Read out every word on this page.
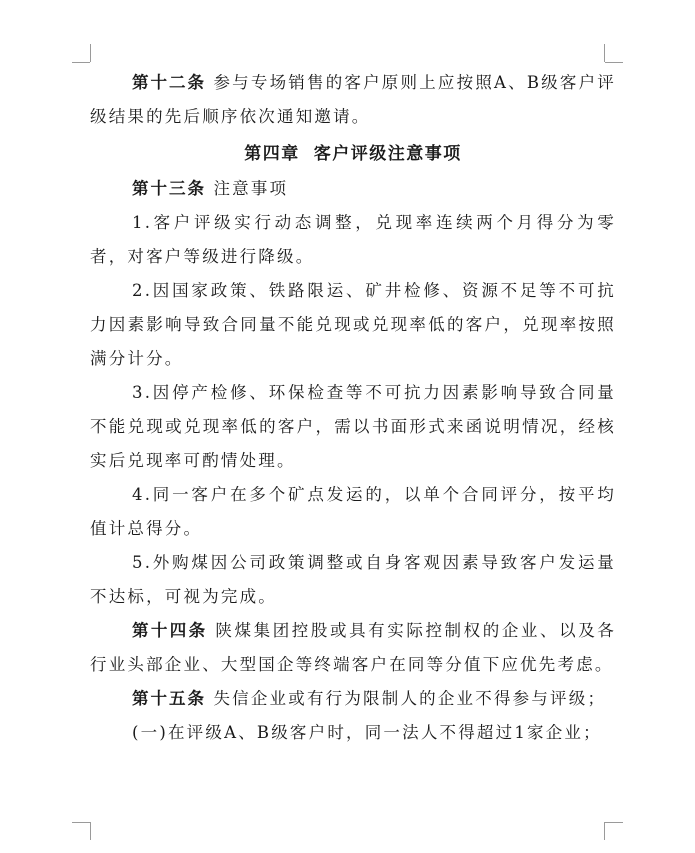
第十二条 参与专场销售的客户原则上应按照A、B级客户评级结果的先后顺序依次通知邀请。

第四章 客户评级注意事项

第十三条 注意事项

1.客户评级实行动态调整，兑现率连续两个月得分为零者，对客户等级进行降级。

2.因国家政策、铁路限运、矿井检修、资源不足等不可抗力因素影响导致合同量不能兑现或兑现率低的客户，兑现率按照满分计分。

3.因停产检修、环保检查等不可抗力因素影响导致合同量不能兑现或兑现率低的客户，需以书面形式来函说明情况，经核实后兑现率可酌情处理。

4.同一客户在多个矿点发运的，以单个合同评分，按平均值计总得分。

5.外购煤因公司政策调整或自身客观因素导致客户发运量不达标，可视为完成。

第十四条 陕煤集团控股或具有实际控制权的企业、以及各行业头部企业、大型国企等终端客户在同等分值下应优先考虑。

第十五条 失信企业或有行为限制人的企业不得参与评级；

(一)在评级A、B级客户时，同一法人不得超过1家企业；
